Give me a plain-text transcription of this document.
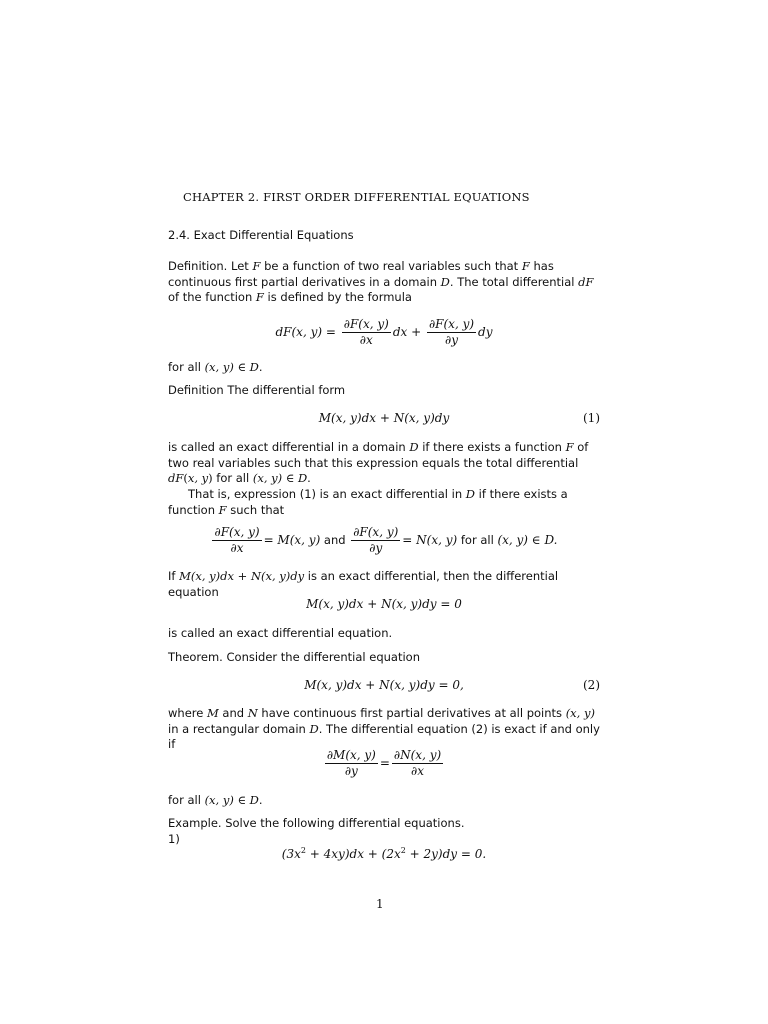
CHAPTER 2. FIRST ORDER DIFFERENTIAL EQUATIONS
2.4. Exact Differential Equations
Definition. Let F be a function of two real variables such that F has continuous first partial derivatives in a domain D. The total differential dF of the function F is defined by the formula
dF(x, $y) = \frac{\partial F(x, y)}{\partial x}$ dx + $\frac{\partial F(x, y)}{\partial y}$ dy
for all (x, y) ∈ D.
Definition The differential form
M(x, y)dx + N(x, y)dy	(1)
is called an exact differential in a domain D if there exists a function F of two real variables such that this expression equals the total differential dF(x, y) for all (x, y) ∈ D.
That is, expression (1) is an exact differential in D if there exists a function F such that
$\frac{\partial F(x, y)}{\partial x} = M(x$, y) and $\frac{\partial F(x, y)}{\partial y} = N(x$, y) for all (x, y) ∈ D.
If M(x, y)dx + N(x, y)dy is an exact differential, then the differential equation
M(x, y)dx + N(x, y)dy = 0
is called an exact differential equation.
Theorem. Consider the differential equation
M(x, y)dx + N(x, y)dy = 0,	(2)
where M and N have continuous first partial derivatives at all points (x, y) in a rectangular domain D. The differential equation (2) is exact if and only if
$\frac{\partial M(x, y)}{\partial y} = \frac{\partial N(x, y)}{\partial x}$
for all (x, y) ∈ D.
Example. Solve the following differential equations.
1)
$(3x^2 + 4xy)dx + (2x^2 + 2y)dy = 0$.
1
